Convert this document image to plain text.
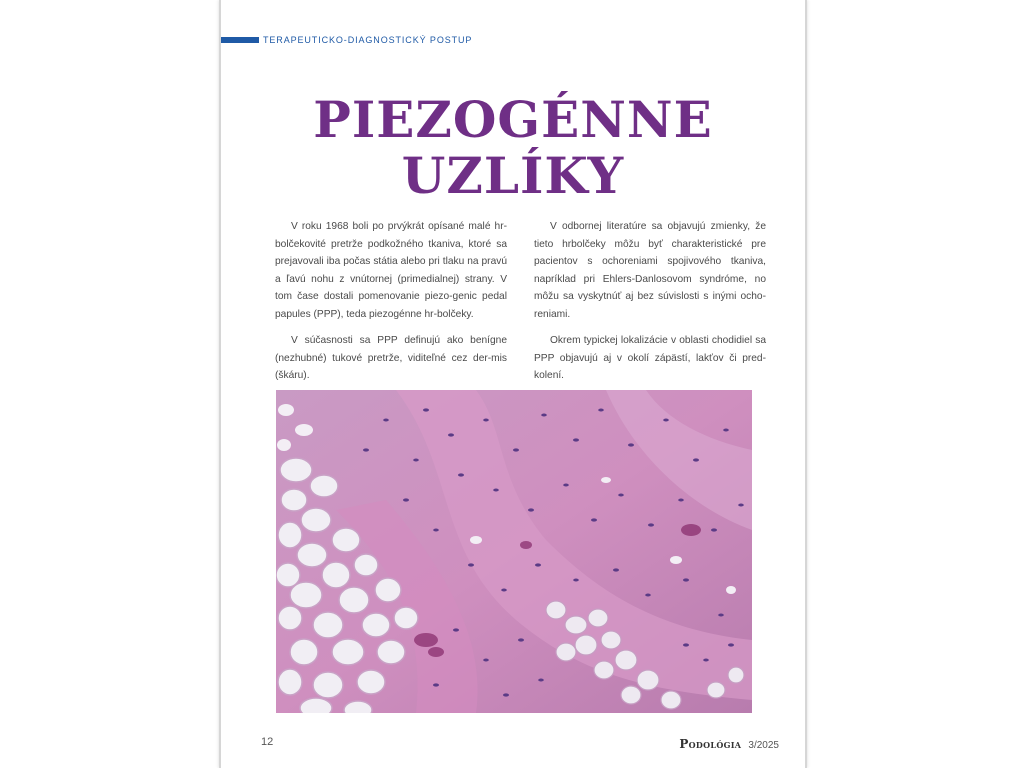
TERAPEUTICKO-DIAGNOSTICKÝ POSTUP
PIEZOGÉNNE
UZLÍKY

V roku 1968 boli po prvýkrát opísané malé hr-bolčekovité pretrže podkožného tkaniva, ktoré sa prejavovali iba počas státia alebo pri tlaku na pravú a ľavú nohu z vnútornej (primedialnej) strany. V tom čase dostali pomenovanie piezo-genic pedal papules (PPP), teda piezogénne hr-bolčeky.

V súčasnosti sa PPP definujú ako benígne (nezhubné) tukové pretrže, viditeľné cez der-mis (škáru).

V odbornej literatúre sa objavujú zmienky, že tieto hrbolčeky môžu byť charakteristické pre pacientov s ochoreniami spojivového tkaniva, napríklad pri Ehlers-Danlosovom syndróme, no môžu sa vyskytnúť aj bez súvislosti s inými ocho-reniami.

Okrem typickej lokalizácie v oblasti chodidiel sa PPP objavujú aj v okolí zápästí, lakťov či pred-kolení.

12	Podológia 3/2025
